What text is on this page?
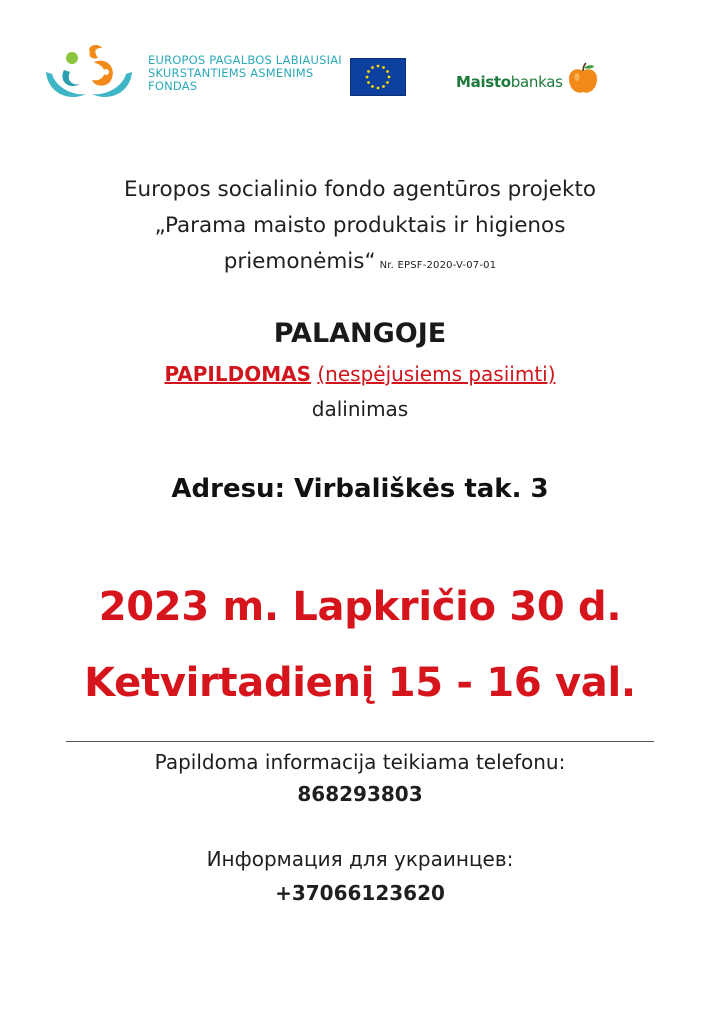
EUROPOS PAGALBOS LABIAUSIAI
SKURSTANTIEMS ASMENIMS
FONDAS	Maistobankas
Europos socialinio fondo agentūros projekto
„Parama maisto produktais ir higienos
priemonėmis“ Nr. EPSF-2020-V-07-01
PALANGOJE
PAPILDOMAS (nespėjusiems pasiimti)
dalinimas
Adresu: Virbališkės tak. 3
2023 m. Lapkričio 30 d.
Ketvirtadienį 15 - 16 val.
Papildoma informacija teikiama telefonu:
868293803
Информация для украинцев:
+37066123620
